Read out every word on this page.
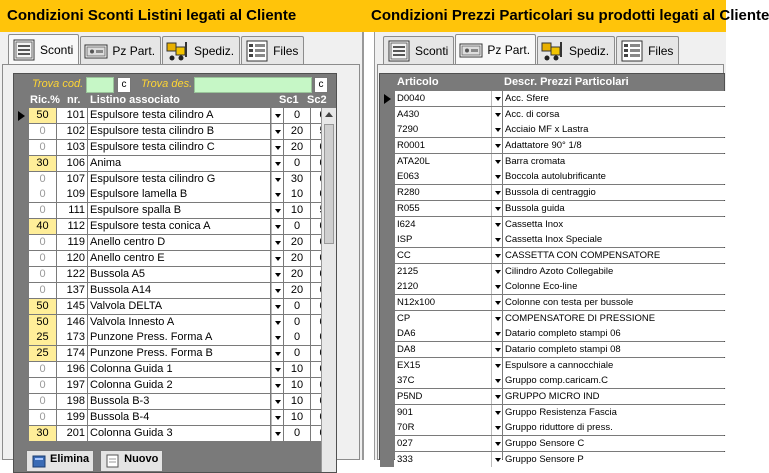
Condizioni Sconti Listini legati al Cliente	Condizioni Prezzi Particolari su prodotti legati al Cliente
Sconti	Pz Part.	Spediz.	Files
Trova cod.	c	Trova des.	c
Ric.% nr. Listino associato	Sc1 Sc2
50	101 Espulsore testa cilindro A	0
0	102 Espulsore testa cilindro B	20
0	103 Espulsore testa cilindro C	20
30	106 Anima	0
0	107 Espulsore testa cilindro G	30
0	109 Espulsore lamella B	10
0	111 Espulsore spalla B	10
40	112 Espulsore testa conica A	0
0	119 Anello centro D	20
0	120 Anello centro E	20
0	122 Bussola A5	20
0	137 Bussola A14	20
50	145 Valvola DELTA	0
50	146 Valvola Innesto A	0
25	173 Punzone Press. Forma A	0
25	174 Punzone Press. Forma B	0
0	196 Colonna Guida 1	10
0	197 Colonna Guida 2	10
0	198 Bussola B-3	10
0	199 Bussola B-4	10
30	201 Colonna Guida 3	0
Elimina	Nuovo
Sconti	Pz Part.	Spediz.	Files
Articolo	Descr. Prezzi Particolari
D0040	Acc. Sfere
A430	Acc. di corsa
7290	Acciaio MF x Lastra
R0001	Adattatore 90° 1/8
ATA20L	Barra cromata
E063	Boccola autolubrificante
R280	Bussola di centraggio
R055	Bussola guida
I624	Cassetta Inox
ISP	Cassetta Inox Speciale
CC	CASSETTA CON COMPENSATORE
2125	Cilindro Azoto Collegabile
2120	Colonne Eco-line
N12x100	Colonne con testa per bussole
CP	COMPENSATORE DI PRESSIONE
DA6	Datario completo stampi 06
DA8	Datario completo stampi 08
EX15	Espulsore a cannocchiale
37C	Gruppo comp.caricam.C
P5ND	GRUPPO MICRO IND
901	Gruppo Resistenza Fascia
70R	Gruppo riduttore di press.
027	Gruppo Sensore C
333	Gruppo Sensore P
